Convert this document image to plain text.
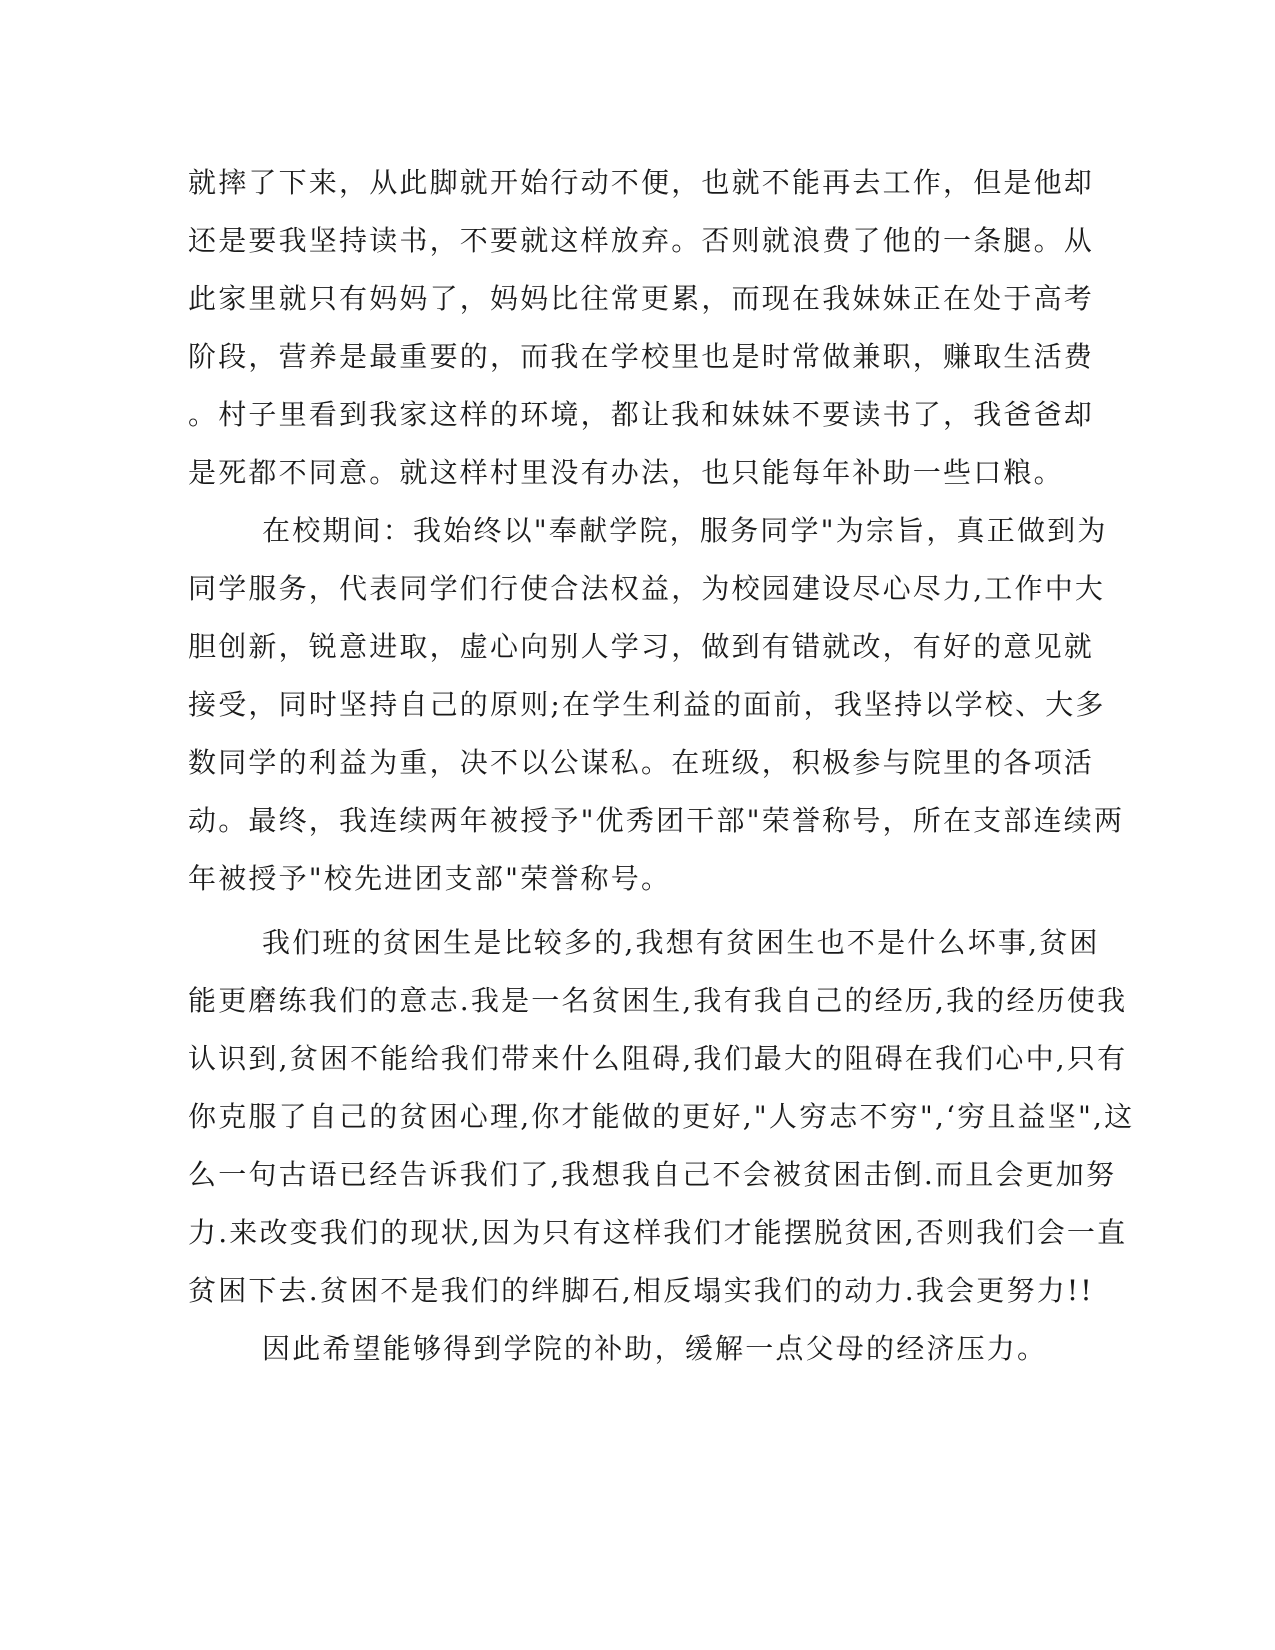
就摔了下来，从此脚就开始行动不便，也就不能再去工作，但是他却
还是要我坚持读书，不要就这样放弃。否则就浪费了他的一条腿。从
此家里就只有妈妈了，妈妈比往常更累，而现在我妹妹正在处于高考
阶段，营养是最重要的，而我在学校里也是时常做兼职，赚取生活费
。村子里看到我家这样的环境，都让我和妹妹不要读书了，我爸爸却
是死都不同意。就这样村里没有办法，也只能每年补助一些口粮。
在校期间：我始终以"奉献学院，服务同学"为宗旨，真正做到为
同学服务，代表同学们行使合法权益，为校园建设尽心尽力,工作中大
胆创新，锐意进取，虚心向别人学习，做到有错就改，有好的意见就
接受，同时坚持自己的原则;在学生利益的面前，我坚持以学校、大多
数同学的利益为重，决不以公谋私。在班级，积极参与院里的各项活
动。最终，我连续两年被授予"优秀团干部"荣誉称号，所在支部连续两
年被授予"校先进团支部"荣誉称号。
我们班的贫困生是比较多的,我想有贫困生也不是什么坏事,贫困
能更磨练我们的意志.我是一名贫困生,我有我自己的经历,我的经历使我
认识到,贫困不能给我们带来什么阻碍,我们最大的阻碍在我们心中,只有
你克服了自己的贫困心理,你才能做的更好,"人穷志不穷",‘穷且益坚",这
么一句古语已经告诉我们了,我想我自己不会被贫困击倒.而且会更加努
力.来改变我们的现状,因为只有这样我们才能摆脱贫困,否则我们会一直
贫困下去.贫困不是我们的绊脚石,相反塌实我们的动力.我会更努力!!
因此希望能够得到学院的补助，缓解一点父母的经济压力。
